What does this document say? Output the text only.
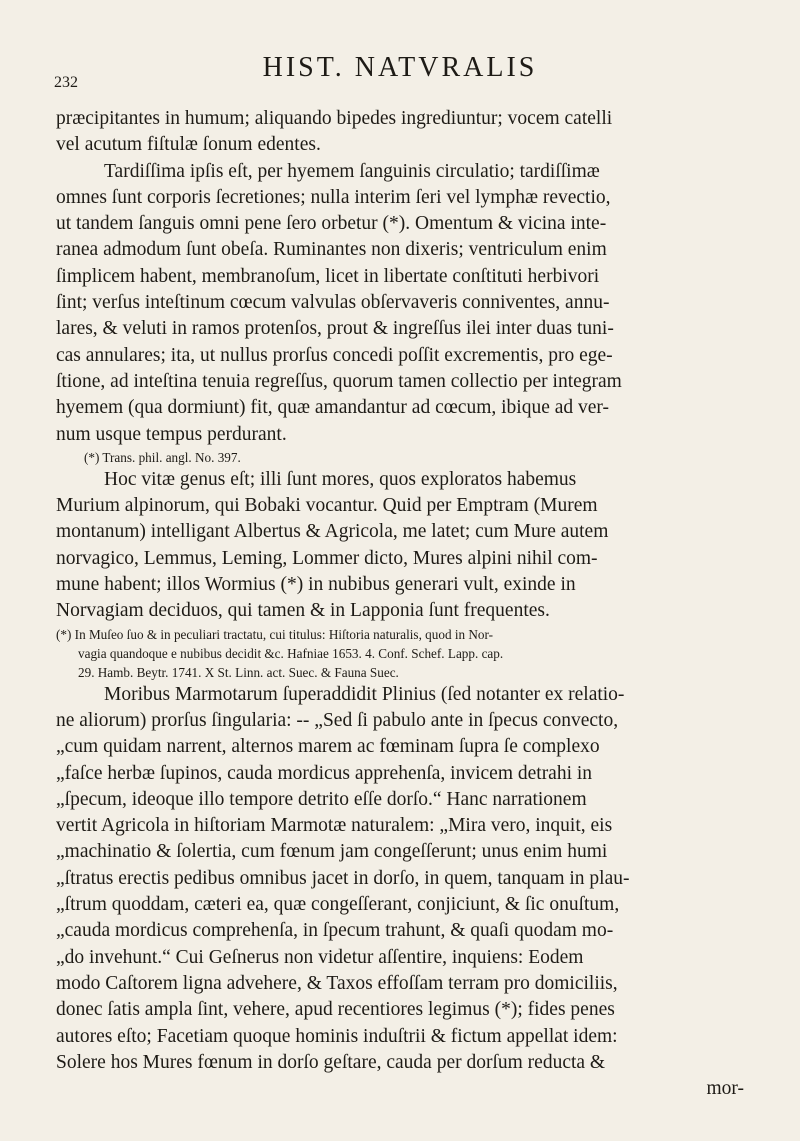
232	HIST. NATVRALIS
præcipitantes in humum; aliquando bipedes ingrediuntur; vocem catelli
vel acutum fiſtulæ ſonum edentes.
Tardiſſima ipſis eſt, per hyemem ſanguinis circulatio; tardiſſimæ
omnes ſunt corporis ſecretiones; nulla interim ſeri vel lymphæ revectio,
ut tandem ſanguis omni pene ſero orbetur (*). Omentum & vicina inte-
ranea admodum ſunt obeſa. Ruminantes non dixeris; ventriculum enim
ſimplicem habent, membranoſum, licet in libertate conſtituti herbivori
ſint; verſus inteſtinum cœcum valvulas obſervaveris conniventes, annu-
lares, & veluti in ramos protenſos, prout & ingreſſus ilei inter duas tuni-
cas annulares; ita, ut nullus prorſus concedi poſſit excrementis, pro ege-
ſtione, ad inteſtina tenuia regreſſus, quorum tamen collectio per integram
hyemem (qua dormiunt) fit, quæ amandantur ad cœcum, ibique ad ver-
num usque tempus perdurant.
(*) Trans. phil. angl. No. 397.
Hoc vitæ genus eſt; illi ſunt mores, quos exploratos habemus
Murium alpinorum, qui Bobaki vocantur. Quid per Emptram (Murem
montanum) intelligant Albertus & Agricola, me latet; cum Mure autem
norvagico, Lemmus, Leming, Lommer dicto, Mures alpini nihil com-
mune habent; illos Wormius (*) in nubibus generari vult, exinde in
Norvagiam deciduos, qui tamen & in Lapponia ſunt frequentes.
(*) In Muſeo ſuo & in peculiari tractatu, cui titulus: Hiſtoria naturalis, quod in Nor-
vagia quandoque e nubibus decidit &c. Hafniae 1653. 4. Conf. Schef. Lapp. cap.
29. Hamb. Beytr. 1741. X St. Linn. act. Suec. & Fauna Suec.
Moribus Marmotarum ſuperaddidit Plinius (ſed notanter ex relatio-
ne aliorum) prorſus ſingularia: -- „Sed ſi pabulo ante in ſpecus convecto,
„cum quidam narrent, alternos marem ac fœminam ſupra ſe complexo
„faſce herbæ ſupinos, cauda mordicus apprehenſa, invicem detrahi in
„ſpecum, ideoque illo tempore detrito eſſe dorſo.“ Hanc narrationem
vertit Agricola in hiſtoriam Marmotæ naturalem: „Mira vero, inquit, eis
„machinatio & ſolertia, cum fœnum jam congeſſerunt; unus enim humi
„ſtratus erectis pedibus omnibus jacet in dorſo, in quem, tanquam in plau-
„ſtrum quoddam, cæteri ea, quæ congeſſerant, conjiciunt, & ſic onuſtum,
„cauda mordicus comprehenſa, in ſpecum trahunt, & quaſi quodam mo-
„do invehunt.“ Cui Geſnerus non videtur aſſentire, inquiens: Eodem
modo Caſtorem ligna advehere, & Taxos effoſſam terram pro domiciliis,
donec ſatis ampla ſint, vehere, apud recentiores legimus (*); fides penes
autores eſto; Facetiam quoque hominis induſtrii & fictum appellat idem:
Solere hos Mures fœnum in dorſo geſtare, cauda per dorſum reducta &
mor-
